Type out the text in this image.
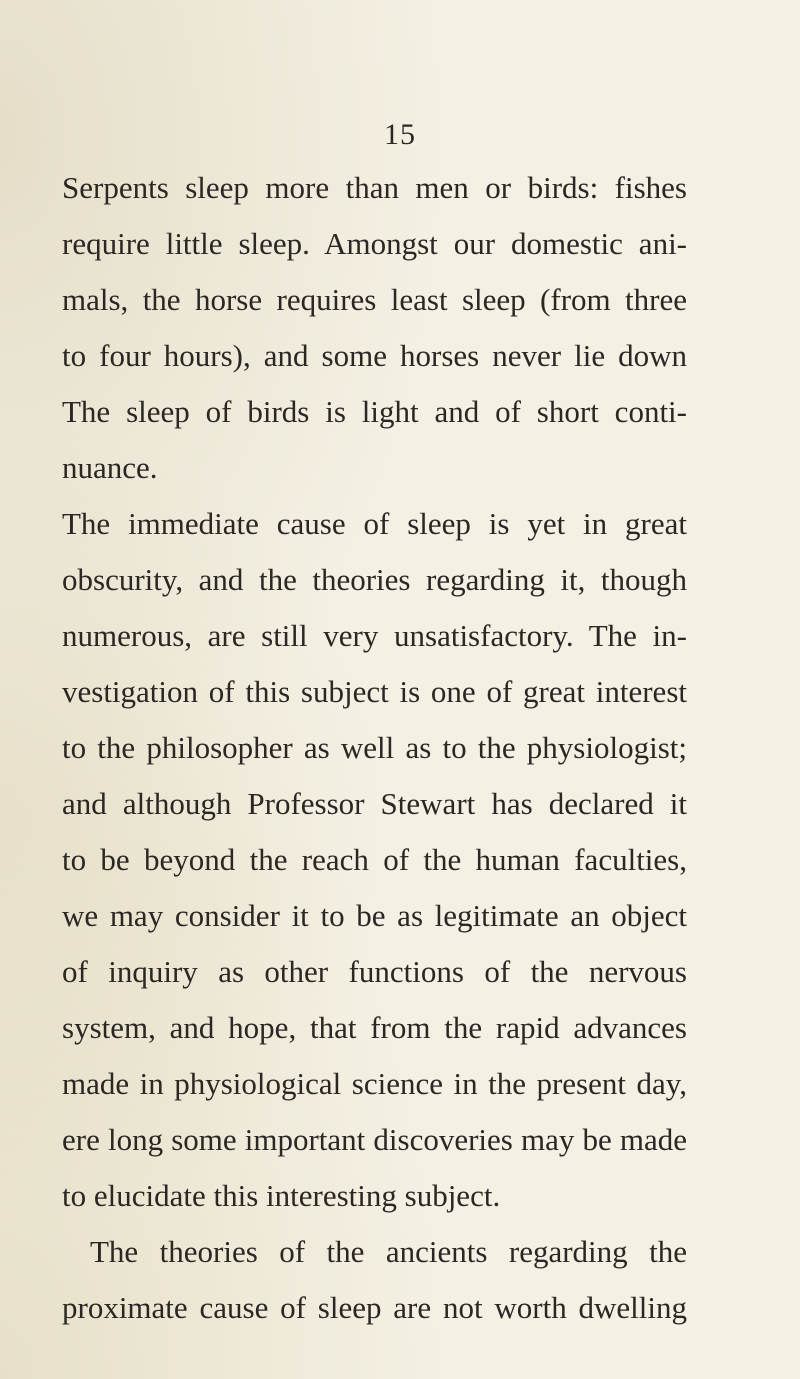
15
Serpents sleep more than men or birds: fishes
require little sleep. Amongst our domestic ani-
mals, the horse requires least sleep (from three
to four hours), and some horses never lie down
The sleep of birds is light and of short conti-
nuance.
The immediate cause of sleep is yet in great
obscurity, and the theories regarding it, though
numerous, are still very unsatisfactory. The in-
vestigation of this subject is one of great interest
to the philosopher as well as to the physiologist;
and although Professor Stewart has declared it
to be beyond the reach of the human faculties,
we may consider it to be as legitimate an object
of inquiry as other functions of the nervous
system, and hope, that from the rapid advances
made in physiological science in the present day,
ere long some important discoveries may be made
to elucidate this interesting subject.
The theories of the ancients regarding the
proximate cause of sleep are not worth dwelling
